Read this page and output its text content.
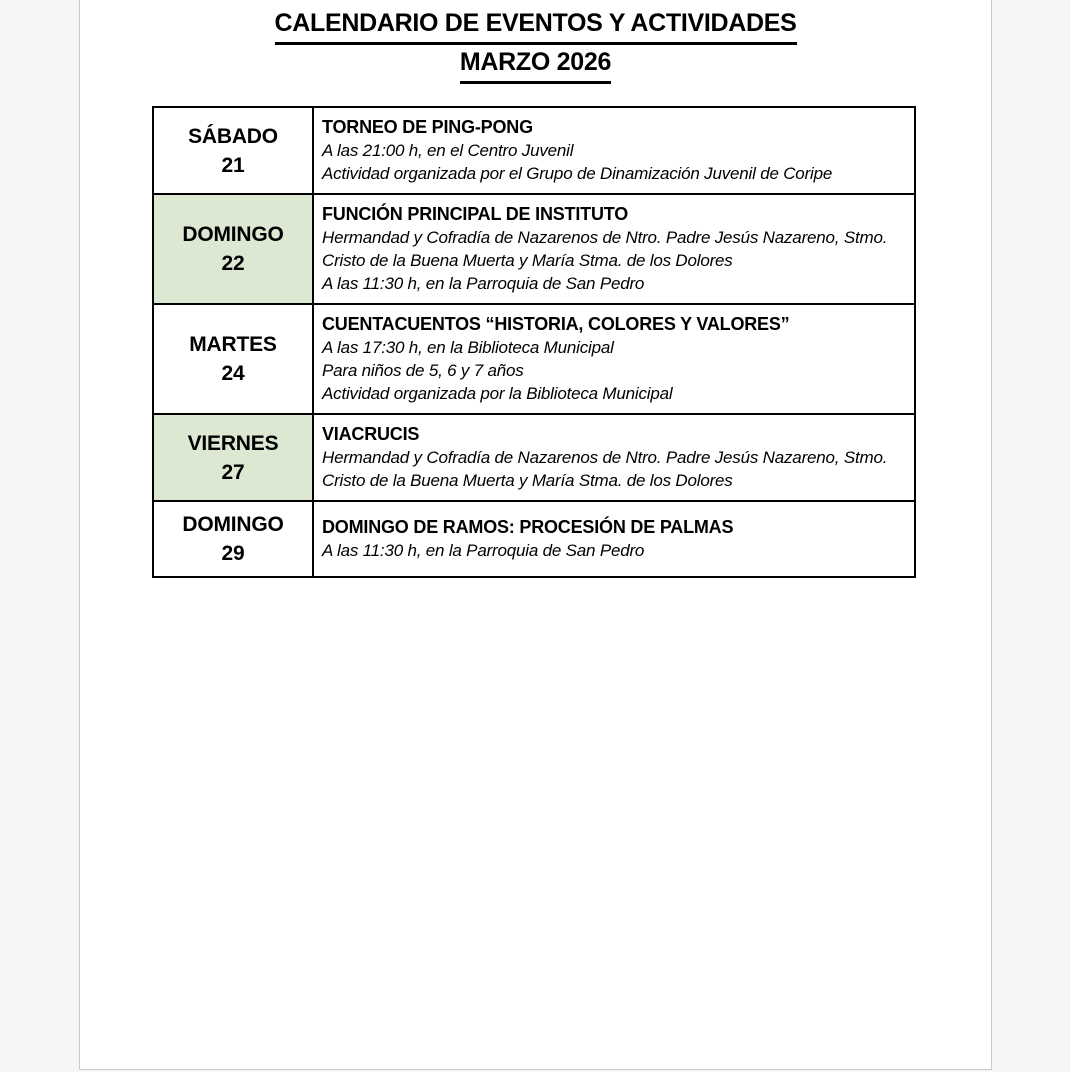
CALENDARIO DE EVENTOS Y ACTIVIDADES
MARZO 2026
SÁBADO
21

TORNEO DE PING-PONG
A las 21:00 h, en el Centro Juvenil
Actividad organizada por el Grupo de Dinamización Juvenil de Coripe

DOMINGO
22

FUNCIÓN PRINCIPAL DE INSTITUTO
Hermandad y Cofradía de Nazarenos de Ntro. Padre Jesús Nazareno, Stmo.
Cristo de la Buena Muerta y María Stma. de los Dolores
A las 11:30 h, en la Parroquia de San Pedro

MARTES
24

CUENTACUENTOS “HISTORIA, COLORES Y VALORES”
A las 17:30 h, en la Biblioteca Municipal
Para niños de 5, 6 y 7 años
Actividad organizada por la Biblioteca Municipal

VIERNES
27

VIACRUCIS
Hermandad y Cofradía de Nazarenos de Ntro. Padre Jesús Nazareno, Stmo.
Cristo de la Buena Muerta y María Stma. de los Dolores

DOMINGO
29

DOMINGO DE RAMOS: PROCESIÓN DE PALMAS
A las 11:30 h, en la Parroquia de San Pedro
